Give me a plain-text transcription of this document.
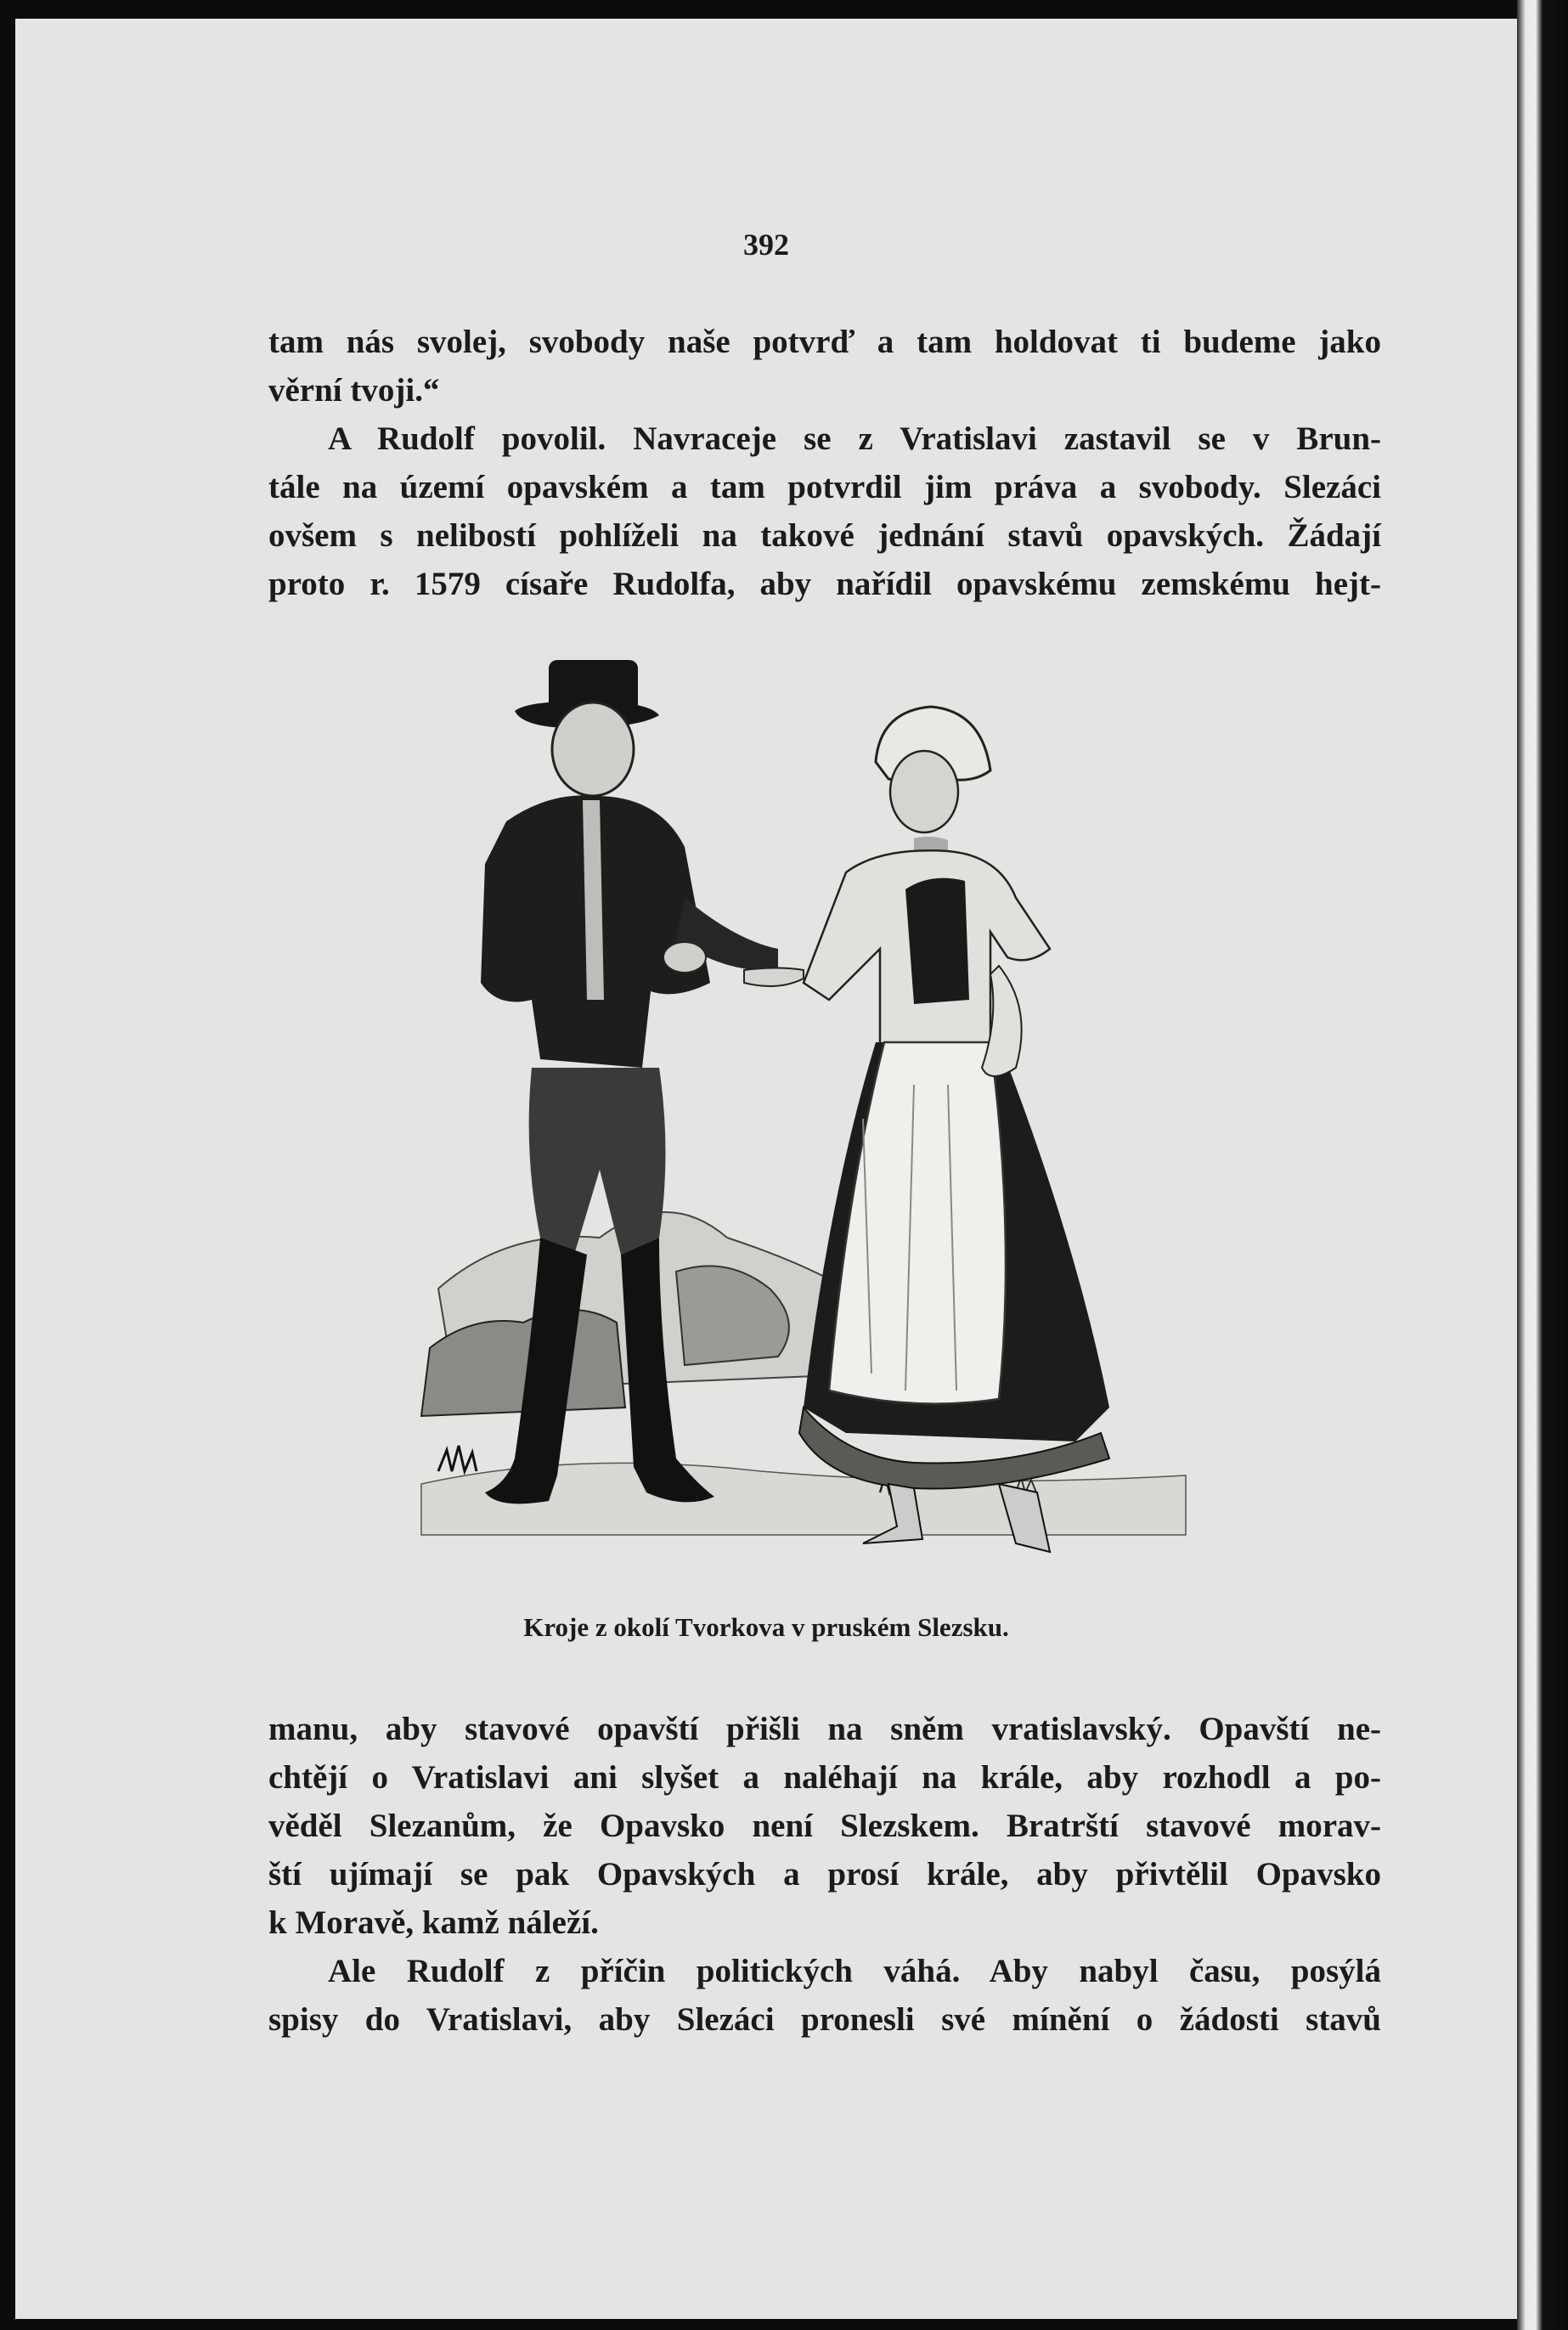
392

tam nás svolej, svobody naše potvrď a tam holdovat ti budeme jako
věrní tvoji.“

A Rudolf povolil. Navraceje se z Vratislavi zastavil se v Brun-
tále na území opavském a tam potvrdil jim práva a svobody. Slezáci
ovšem s nelibostí pohlíželi na takové jednání stavů opavských. Žádají
proto r. 1579 císaře Rudolfa, aby nařídil opavskému zemskému hejt-

Kroje z okolí Tvorkova v pruském Slezsku.

manu, aby stavové opavští přišli na sněm vratislavský. Opavští ne-
chtějí o Vratislavi ani slyšet a naléhají na krále, aby rozhodl a po-
věděl Slezanům, že Opavsko není Slezskem. Bratrští stavové morav-
ští ujímají se pak Opavských a prosí krále, aby přivtělil Opavsko
k Moravě, kamž náleží.

Ale Rudolf z příčin politických váhá. Aby nabyl času, posýlá
spisy do Vratislavi, aby Slezáci pronesli své mínění o žádosti stavů
